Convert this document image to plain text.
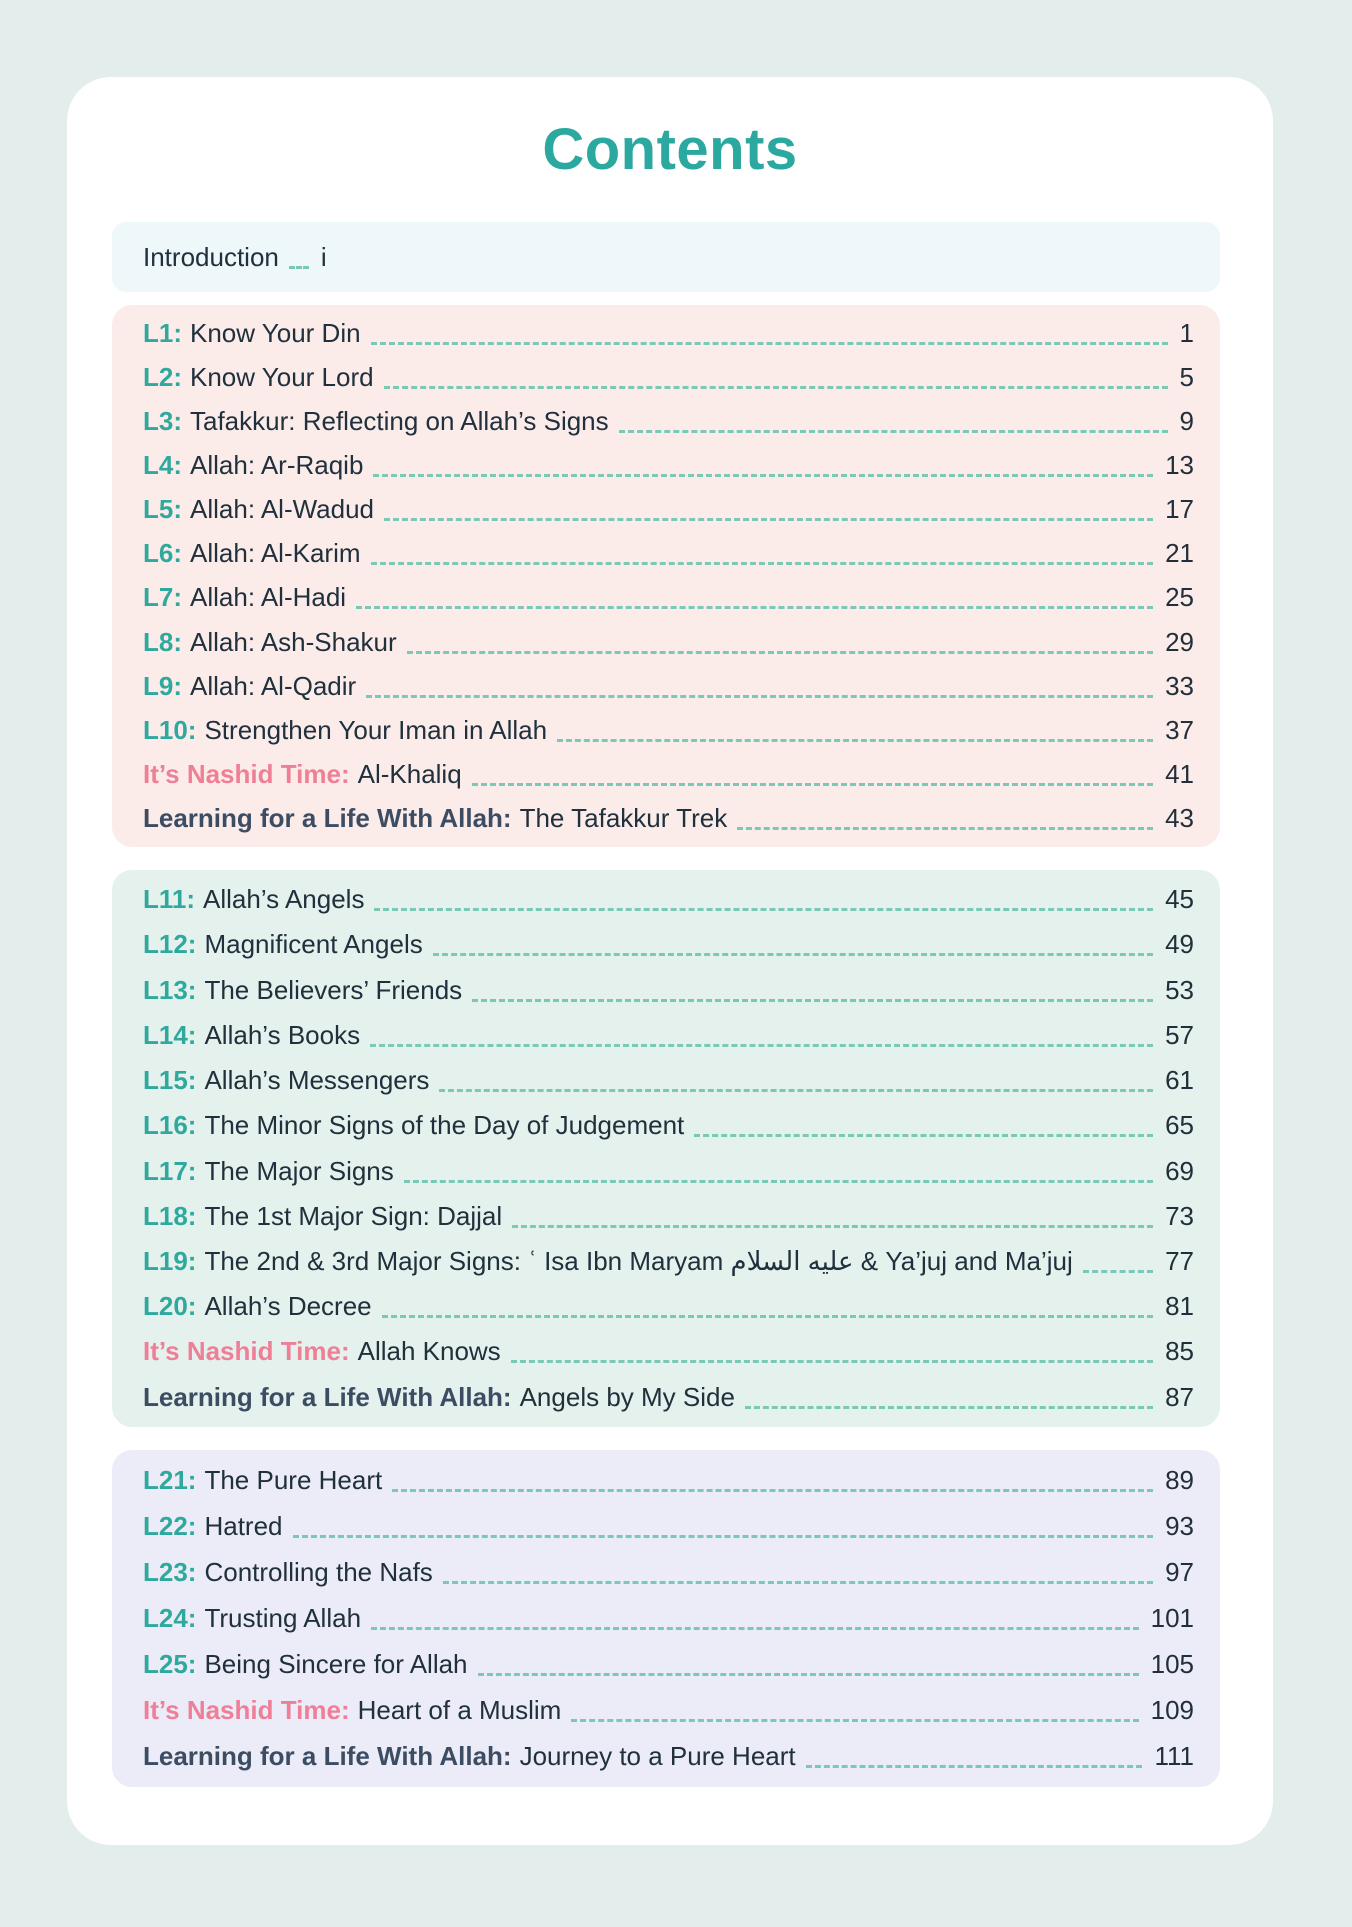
Contents
Introduction i
L1: Know Your Din	1
L2: Know Your Lord	5
L3: Tafakkur: Reflecting on Allah’s Signs	9
L4: Allah: Ar-Raqib	13
L5: Allah: Al-Wadud	17
L6: Allah: Al-Karim	21
L7: Allah: Al-Hadi	25
L8: Allah: Ash-Shakur	29
L9: Allah: Al-Qadir	33
L10: Strengthen Your Iman in Allah	37
It’s Nashid Time: Al-Khaliq	41
Learning for a Life With Allah: The Tafakkur Trek	43
L11: Allah’s Angels	45
L12: Magnificent Angels	49
L13: The Believers’ Friends	53
L14: Allah’s Books	57
L15: Allah’s Messengers	61
L16: The Minor Signs of the Day of Judgement	65
L17: The Major Signs	69
L18: The 1st Major Sign: Dajjal	73
L19: The 2nd & 3rd Major Signs: ʿ Isa Ibn Maryam عليه السلام & Ya’juj and Ma’juj	77
L20: Allah’s Decree	81
It’s Nashid Time: Allah Knows	85
Learning for a Life With Allah: Angels by My Side	87
L21: The Pure Heart	89
L22: Hatred	93
L23: Controlling the Nafs	97
L24: Trusting Allah	101
L25: Being Sincere for Allah	105
It’s Nashid Time: Heart of a Muslim	109
Learning for a Life With Allah: Journey to a Pure Heart	111
